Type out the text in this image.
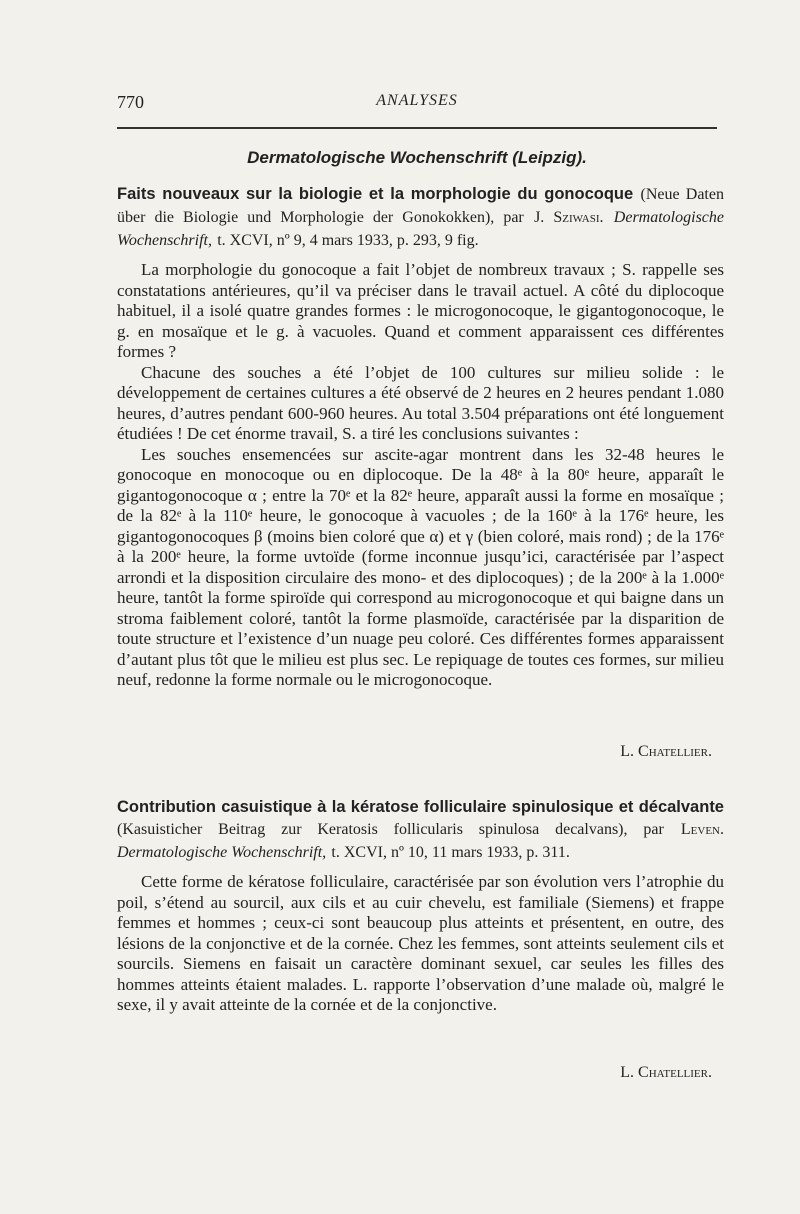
770	ANALYSES
Dermatologische Wochenschrift (Leipzig).

Faits nouveaux sur la biologie et la morphologie du gonocoque (Neue Daten über die Biologie und Morphologie der Gonokokken), par J. Sziwasi. Dermatologische Wochenschrift, t. XCVI, nº 9, 4 mars 1933, p. 293, 9 fig.

La morphologie du gonocoque a fait l’objet de nombreux travaux ; S. rappelle ses constatations antérieures, qu’il va préciser dans le travail actuel. A côté du diplocoque habituel, il a isolé quatre grandes formes : le microgonocoque, le gigantogonocoque, le g. en mosaïque et le g. à vacuoles. Quand et comment apparaissent ces différentes formes ?

Chacune des souches a été l’objet de 100 cultures sur milieu solide : le développement de certaines cultures a été observé de 2 heures en 2 heures pendant 1.080 heures, d’autres pendant 600-960 heures. Au total 3.504 préparations ont été longuement étudiées ! De cet énorme travail, S. a tiré les conclusions suivantes :

Les souches ensemencées sur ascite-agar montrent dans les 32-48 heures le gonocoque en monocoque ou en diplocoque. De la 48ᵉ à la 80ᵉ heure, apparaît le gigantogonocoque α ; entre la 70ᵉ et la 82ᵉ heure, apparaît aussi la forme en mosaïque ; de la 82ᵉ à la 110ᵉ heure, le gonocoque à vacuoles ; de la 160ᵉ à la 176ᵉ heure, les gigantogonocoques β (moins bien coloré que α) et γ (bien coloré, mais rond) ; de la 176ᵉ à la 200ᵉ heure, la forme uvtoïde (forme inconnue jusqu’ici, caractérisée par l’aspect arrondi et la disposition circulaire des mono- et des diplocoques) ; de la 200ᵉ à la 1.000ᵉ heure, tantôt la forme spiroïde qui correspond au microgonocoque et qui baigne dans un stroma faiblement coloré, tantôt la forme plasmoïde, caractérisée par la disparition de toute structure et l’existence d’un nuage peu coloré. Ces différentes formes apparaissent d’autant plus tôt que le milieu est plus sec. Le repiquage de toutes ces formes, sur milieu neuf, redonne la forme normale ou le microgonocoque.

L. Chatellier.

Contribution casuistique à la kératose folliculaire spinulosique et décalvante (Kasuisticher Beitrag zur Keratosis follicularis spinulosa decalvans), par Leven. Dermatologische Wochenschrift, t. XCVI, nº 10, 11 mars 1933, p. 311.

Cette forme de kératose folliculaire, caractérisée par son évolution vers l’atrophie du poil, s’étend au sourcil, aux cils et au cuir chevelu, est familiale (Siemens) et frappe femmes et hommes ; ceux-ci sont beaucoup plus atteints et présentent, en outre, des lésions de la conjonctive et de la cornée. Chez les femmes, sont atteints seulement cils et sourcils. Siemens en faisait un caractère dominant sexuel, car seules les filles des hommes atteints étaient malades. L. rapporte l’observation d’une malade où, malgré le sexe, il y avait atteinte de la cornée et de la conjonctive.

L. Chatellier.
